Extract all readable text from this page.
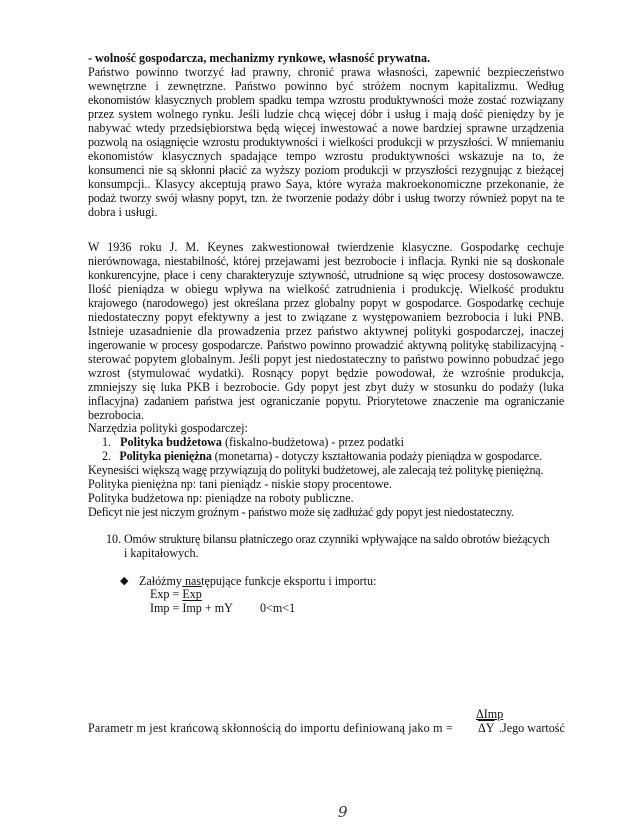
- wolność gospodarcza, mechanizmy rynkowe, własność prywatna.
Państwo powinno tworzyć ład prawny, chronić prawa własności, zapewnić bezpieczeństwo
wewnętrzne i zewnętrzne. Państwo powinno być stróżem nocnym kapitalizmu. Według
ekonomistów klasycznych problem spadku tempa wzrostu produktywności może zostać rozwiązany
przez system wolnego rynku. Jeśli ludzie chcą więcej dóbr i usług i mają dość pieniędzy by je
nabywać wtedy przedsiębiorstwa będą więcej inwestować a nowe bardziej sprawne urządzenia
pozwolą na osiągnięcie wzrostu produktywności i wielkości produkcji w przyszłości. W mniemaniu
ekonomistów klasycznych spadające tempo wzrostu produktywności wskazuje na to, że
konsumenci nie są skłonni płacić za wyższy poziom produkcji w przyszłości rezygnując z bieżącej
konsumpcji.. Klasycy akceptują prawo Saya, które wyraża makroekonomiczne przekonanie, że
podaż tworzy swój własny popyt, tzn. że tworzenie podaży dóbr i usług tworzy również popyt na te
dobra i usługi.
W 1936 roku J. M. Keynes zakwestionował twierdzenie klasyczne. Gospodarkę cechuje
nierównowaga, niestabilność, której przejawami jest bezrobocie i inflacja. Rynki nie są doskonale
konkurencyjne, płace i ceny charakteryzuje sztywność, utrudnione są więc procesy dostosowawcze.
Ilość pieniądza w obiegu wpływa na wielkość zatrudnienia i produkcję. Wielkość produktu
krajowego (narodowego) jest określana przez globalny popyt w gospodarce. Gospodarkę cechuje
niedostateczny popyt efektywny a jest to związane z występowaniem bezrobocia i luki PNB.
Istnieje uzasadnienie dla prowadzenia przez państwo aktywnej polityki gospodarczej, inaczej
ingerowanie w procesy gospodarcze. Państwo powinno prowadzić aktywną politykę stabilizacyjną -
sterować popytem globalnym. Jeśli popyt jest niedostateczny to państwo powinno pobudzać jego
wzrost (stymulować wydatki). Rosnący popyt będzie powodował, że wzrośnie produkcja,
zmniejszy się luka PKB i bezrobocie. Gdy popyt jest zbyt duży w stosunku do podaży (luka
inflacyjna) zadaniem państwa jest ograniczanie popytu. Priorytetowe znaczenie ma ograniczanie
bezrobocia.
Narzędzia polityki gospodarczej:
1. Polityka budżetowa (fiskalno-budżetowa) - przez podatki
2. Polityka pieniężna (monetarna) - dotyczy kształtowania podaży pieniądza w gospodarce.
Keynesiści większą wagę przywiązują do polityki budżetowej, ale zalecają też politykę pieniężną.
Polityka pieniężna np: tani pieniądz - niskie stopy procentowe.
Polityka budżetowa np: pieniądze na roboty publiczne.
Deficyt nie jest niczym groźnym - państwo może się zadłużać gdy popyt jest niedostateczny.
10. Omów strukturę bilansu płatniczego oraz czynniki wpływające na saldo obrotów bieżących
i kapitałowych.
◆ Załóżmy następujące funkcje eksportu i importu:
Exp = $\overline{Exp}$
Imp = $\overline{Imp}$ + mY 0<m<1
ΔImp
Parametr m jest krańcową skłonnością do importu definiowaną jako $m = \overline{\Delta Y}$ .Jego wartość
9
